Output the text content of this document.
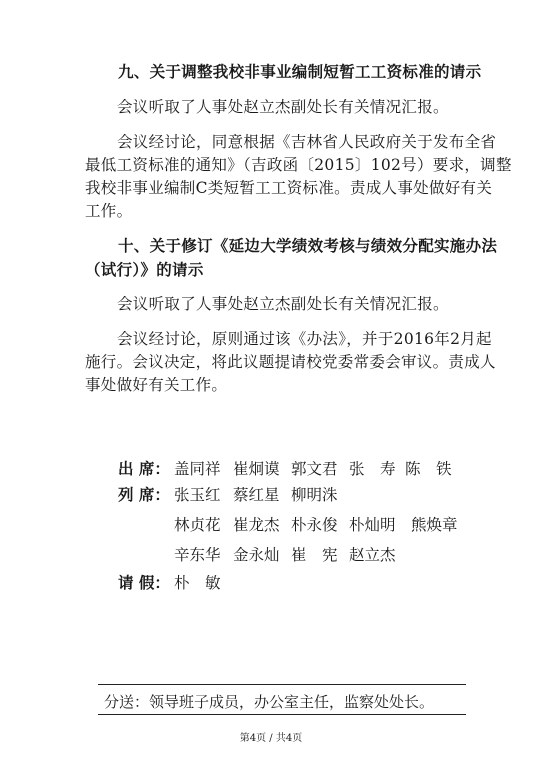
九、关于调整我校非事业编制短暂工工资标准的请示
会议听取了人事处赵立杰副处长有关情况汇报。
会议经讨论，同意根据《吉林省人民政府关于发布全省
最低工资标准的通知》（吉政函〔2015〕102号）要求，调整
我校非事业编制C类短暂工工资标准。责成人事处做好有关
工作。
十、关于修订《延边大学绩效考核与绩效分配实施办法
（试行）》的请示
会议听取了人事处赵立杰副处长有关情况汇报。
会议经讨论，原则通过该《办法》，并于2016年2月起
施行。会议决定，将此议题提请校党委常委会审议。责成人
事处做好有关工作。
出 席： 盖同祥 崔炯谟 郭文君 张　寿 陈　铁
列 席： 张玉红 蔡红星 柳明洙
林贞花 崔龙杰 朴永俊 朴灿明 熊焕章
辛东华 金永灿 崔　宪 赵立杰
请 假： 朴　敏
分送：领导班子成员，办公室主任，监察处处长。
第4页 / 共4页
